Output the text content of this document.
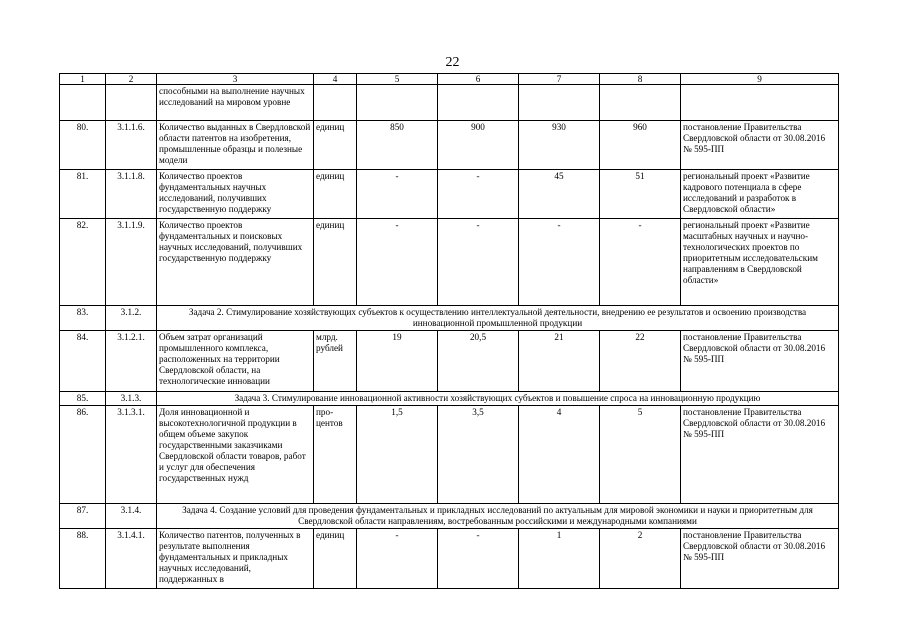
22
1	2	3	4	5	6	7	8	9
		способными на выполнение научных исследований на мировом уровне						
80.	3.1.1.6.	Количество выданных в Свердловской области патентов на изобретения, промышленные образцы и полезные модели	единиц	850	900	930	960	постановление Правительства Свердловской области от 30.08.2016 № 595-ПП
81.	3.1.1.8.	Количество проектов фундаментальных научных исследований, получивших государственную поддержку	единиц	-	-	45	51	региональный проект «Развитие кадрового потенциала в сфере исследований и разработок в Свердловской области»
82.	3.1.1.9.	Количество проектов фундаментальных и поисковых научных исследований, получивших государственную поддержку	единиц	-	-	-	-	региональный проект «Развитие масштабных научных и научно-технологических проектов по приоритетным исследовательским направлениям в Свердловской области»
83.	3.1.2.	Задача 2. Стимулирование хозяйствующих субъектов к осуществлению интеллектуальной деятельности, внедрению ее результатов и освоению производства инновационной промышленной продукции						
84.	3.1.2.1.	Объем затрат организаций промышленного комплекса, расположенных на территории Свердловской области, на технологические инновации	млрд. рублей	19	20,5	21	22	постановление Правительства Свердловской области от 30.08.2016 № 595-ПП
85.	3.1.3.	Задача 3. Стимулирование инновационной активности хозяйствующих субъектов и повышение спроса на инновационную продукцию						
86.	3.1.3.1.	Доля инновационной и высокотехнологичной продукции в общем объеме закупок государственными заказчиками Свердловской области товаров, работ и услуг для обеспечения государственных нужд	про-центов	1,5	3,5	4	5	постановление Правительства Свердловской области от 30.08.2016 № 595-ПП
87.	3.1.4.	Задача 4. Создание условий для проведения фундаментальных и прикладных исследований по актуальным для мировой экономики и науки и приоритетным для Свердловской области направлениям, востребованным российскими и международными компаниями						
88.	3.1.4.1.	Количество патентов, полученных в результате выполнения фундаментальных и прикладных научных исследований, поддержанных в	единиц	-	-	1	2	постановление Правительства Свердловской области от 30.08.2016 № 595-ПП
